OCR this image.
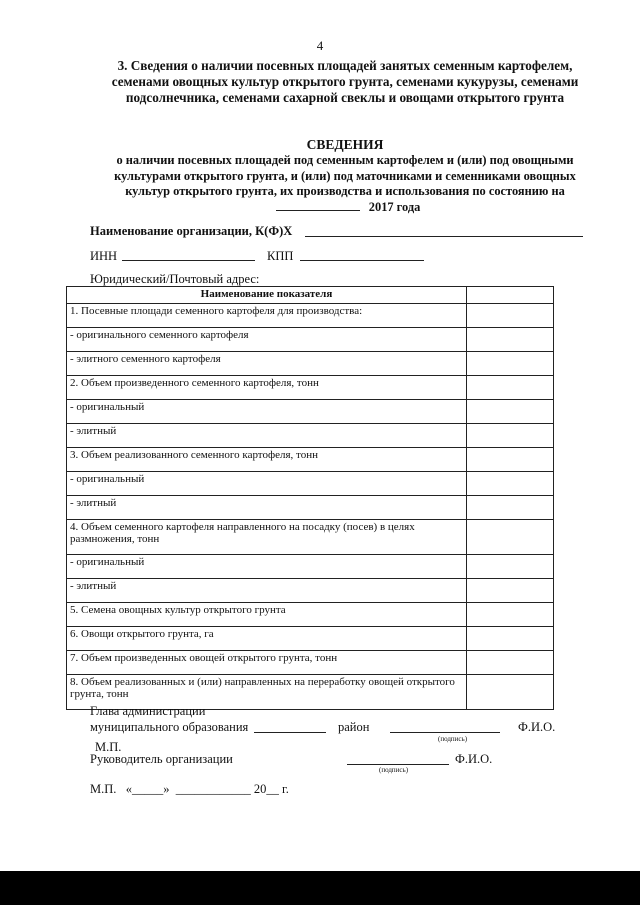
4
3. Сведения о наличии посевных площадей занятых семенным картофелем, семенами овощных культур открытого грунта, семенами кукурузы, семенами подсолнечника, семенами сахарной свеклы и овощами открытого грунта
СВЕДЕНИЯ
о наличии посевных площадей под семенным картофелем и (или) под овощными культурами открытого грунта, и (или) под маточниками и семенниками овощных культур открытого грунта, их производства и использования по состоянию на  2017 года
Наименование организации, К(Ф)Х
ИНН	КПП
Юридический/Почтовый адрес:
Наименование показателя	
1. Посевные площади семенного картофеля для производства:	
- оригинального семенного картофеля	
- элитного семенного картофеля	
2. Объем произведенного семенного картофеля, тонн	
- оригинальный	
- элитный	
3. Объем реализованного семенного картофеля, тонн	
- оригинальный	
- элитный	
4. Объем семенного картофеля направленного на посадку (посев) в целях размножения, тонн	
- оригинальный	
- элитный	
5. Семена овощных культур открытого грунта	
6. Овощи открытого грунта, га	
7. Объем произведенных овощей открытого грунта, тонн	
8. Объем реализованных и (или) направленных на переработку овощей открытого грунта, тонн	
Глава администрации
муниципального образования	район	Ф.И.О.
(подпись)
М.П.
Руководитель организации	Ф.И.О.
(подпись)
М.П.   «_____»  ____________ 20__ г.
